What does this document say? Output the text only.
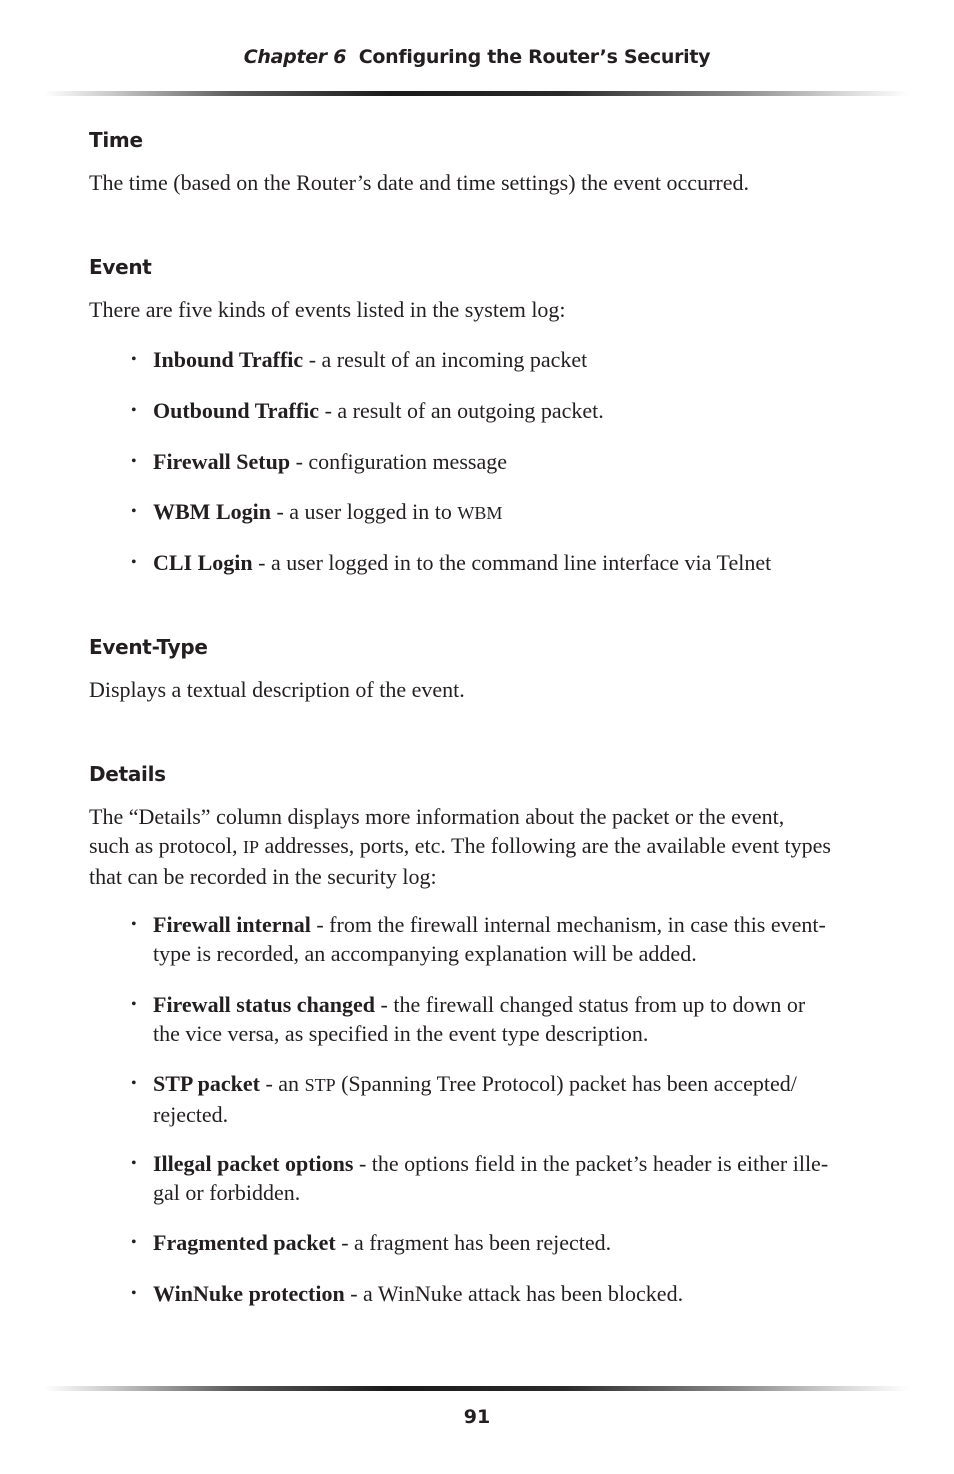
Chapter 6 Configuring the Router’s Security
Time
The time (based on the Router’s date and time settings) the event occurred.
Event
There are five kinds of events listed in the system log:
• Inbound Traffic - a result of an incoming packet
• Outbound Traffic - a result of an outgoing packet.
• Firewall Setup - configuration message
• WBM Login - a user logged in to WBM
• CLI Login - a user logged in to the command line interface via Telnet
Event-Type
Displays a textual description of the event.
Details
The “Details” column displays more information about the packet or the event,
such as protocol, IP addresses, ports, etc. The following are the available event types
that can be recorded in the security log:
• Firewall internal - from the firewall internal mechanism, in case this event-
type is recorded, an accompanying explanation will be added.
• Firewall status changed - the firewall changed status from up to down or
the vice versa, as specified in the event type description.
• STP packet - an STP (Spanning Tree Protocol) packet has been accepted/
rejected.
• Illegal packet options - the options field in the packet’s header is either ille-
gal or forbidden.
• Fragmented packet - a fragment has been rejected.
• WinNuke protection - a WinNuke attack has been blocked.
91
